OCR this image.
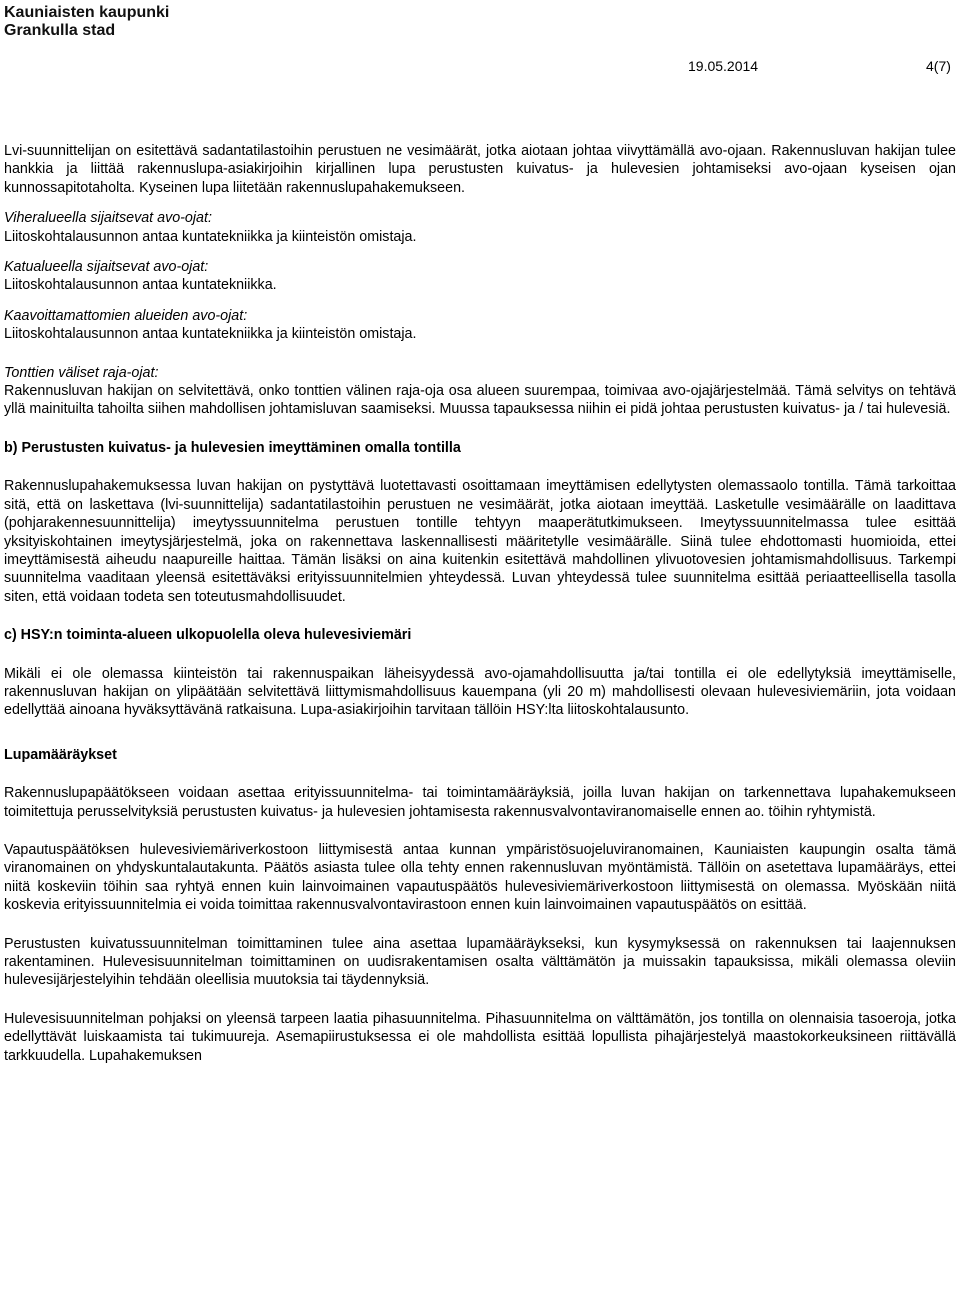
Kauniaisten kaupunki
Grankulla stad
19.05.2014	4(7)

Lvi-suunnittelijan on esitettävä sadantatilastoihin perustuen ne vesimäärät, jotka aiotaan johtaa viivyttämällä avo-ojaan. Rakennusluvan hakijan tulee hankkia ja liittää rakennuslupa-asiakirjoihin kirjallinen lupa perustusten kuivatus- ja hulevesien johtamiseksi avo-ojaan kyseisen ojan kunnossapitotaholta. Kyseinen lupa liitetään rakennuslupahakemukseen.

Viheralueella sijaitsevat avo-ojat:

Liitoskohtalausunnon antaa kuntatekniikka ja kiinteistön omistaja.

Katualueella sijaitsevat avo-ojat:

Liitoskohtalausunnon antaa kuntatekniikka.

Kaavoittamattomien alueiden avo-ojat:

Liitoskohtalausunnon antaa kuntatekniikka ja kiinteistön omistaja.

Tonttien väliset raja-ojat:

Rakennusluvan hakijan on selvitettävä, onko tonttien välinen raja-oja osa alueen suurempaa, toimivaa avo-ojajärjestelmää. Tämä selvitys on tehtävä yllä mainituilta tahoilta siihen mahdollisen johtamisluvan saamiseksi. Muussa tapauksessa niihin ei pidä johtaa perustusten kuivatus- ja / tai hulevesiä.

b) Perustusten kuivatus- ja hulevesien imeyttäminen omalla tontilla

Rakennuslupahakemuksessa luvan hakijan on pystyttävä luotettavasti osoittamaan imeyttämisen edellytysten olemassaolo tontilla. Tämä tarkoittaa sitä, että on laskettava (lvi-suunnittelija) sadantatilastoihin perustuen ne vesimäärät, jotka aiotaan imeyttää. Lasketulle vesimäärälle on laadittava (pohjarakennesuunnittelija) imeytyssuunnitelma perustuen tontille tehtyyn maaperätutkimukseen. Imeytyssuunnitelmassa tulee esittää yksityiskohtainen imeytysjärjestelmä, joka on rakennettava laskennallisesti määritetylle vesimäärälle. Siinä tulee ehdottomasti huomioida, ettei imeyttämisestä aiheudu naapureille haittaa. Tämän lisäksi on aina kuitenkin esitettävä mahdollinen ylivuotovesien johtamismahdollisuus. Tarkempi suunnitelma vaaditaan yleensä esitettäväksi erityissuunnitelmien yhteydessä. Luvan yhteydessä tulee suunnitelma esittää periaatteellisella tasolla siten, että voidaan todeta sen toteutusmahdollisuudet.

c) HSY:n toiminta-alueen ulkopuolella oleva hulevesiviemäri

Mikäli ei ole olemassa kiinteistön tai rakennuspaikan läheisyydessä avo-ojamahdollisuutta ja/tai tontilla ei ole edellytyksiä imeyttämiselle, rakennusluvan hakijan on ylipäätään selvitettävä liittymismahdollisuus kauempana (yli 20 m) mahdollisesti olevaan hulevesiviemäriin, jota voidaan edellyttää ainoana hyväksyttävänä ratkaisuna. Lupa-asiakirjoihin tarvitaan tällöin HSY:lta liitoskohtalausunto.

Lupamääräykset

Rakennuslupapäätökseen voidaan asettaa erityissuunnitelma- tai toimintamääräyksiä, joilla luvan hakijan on tarkennettava lupahakemukseen toimitettuja perusselvityksiä perustusten kuivatus- ja hulevesien johtamisesta rakennusvalvontaviranomaiselle ennen ao. töihin ryhtymistä.

Vapautuspäätöksen hulevesiviemäriverkostoon liittymisestä antaa kunnan ympäristösuojeluviranomainen, Kauniaisten kaupungin osalta tämä viranomainen on yhdyskuntalautakunta. Päätös asiasta tulee olla tehty ennen rakennusluvan myöntämistä. Tällöin on asetettava lupamääräys, ettei niitä koskeviin töihin saa ryhtyä ennen kuin lainvoimainen vapautuspäätös hulevesiviemäriverkostoon liittymisestä on olemassa. Myöskään niitä koskevia erityissuunnitelmia ei voida toimittaa rakennusvalvontavirastoon ennen kuin lainvoimainen vapautuspäätös on esittää.

Perustusten kuivatussuunnitelman toimittaminen tulee aina asettaa lupamääräykseksi, kun kysymyksessä on rakennuksen tai laajennuksen rakentaminen. Hulevesisuunnitelman toimittaminen on uudisrakentamisen osalta välttämätön ja muissakin tapauksissa, mikäli olemassa oleviin hulevesijärjestelyihin tehdään oleellisia muutoksia tai täydennyksiä.

Hulevesisuunnitelman pohjaksi on yleensä tarpeen laatia pihasuunnitelma. Pihasuunnitelma on välttämätön, jos tontilla on olennaisia tasoeroja, jotka edellyttävät luiskaamista tai tukimuureja. Asemapiirustuksessa ei ole mahdollista esittää lopullista pihajärjestelyä maastokorkeuksineen riittävällä tarkkuudella. Lupahakemuksen
